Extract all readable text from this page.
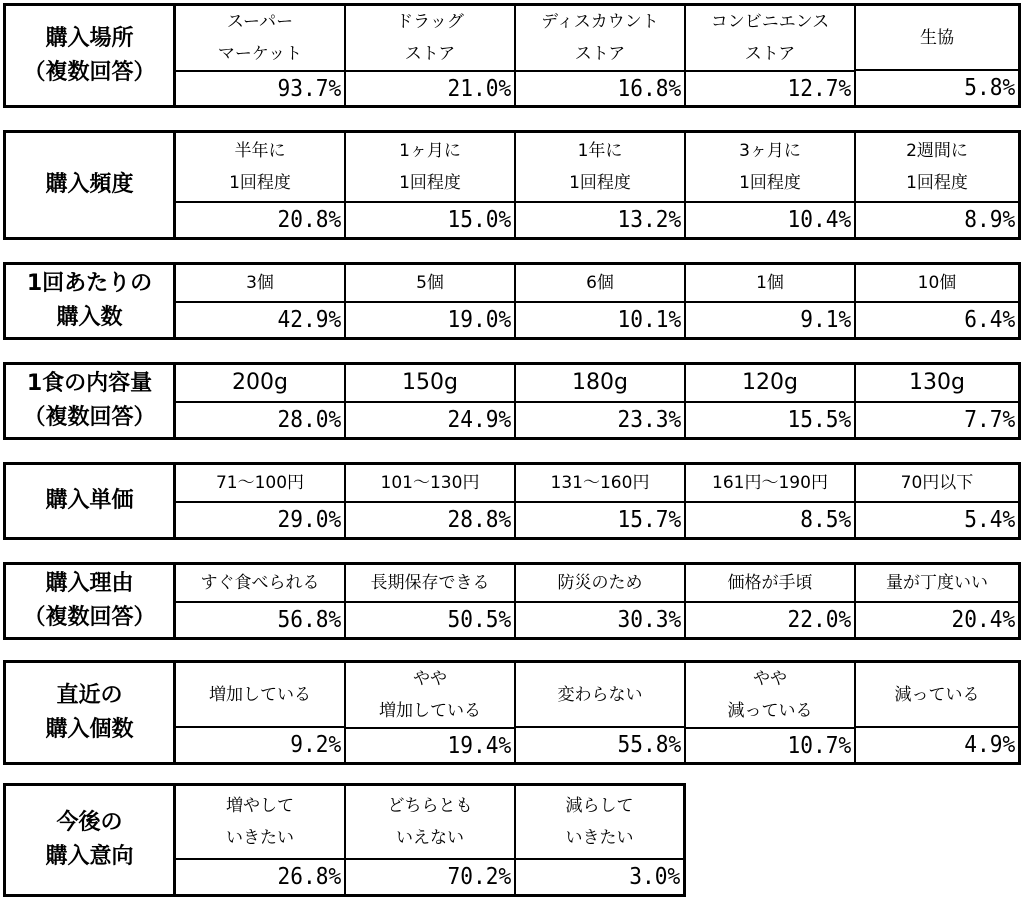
購入場所
（複数回答）
スーパー
マーケット
93.7%
ドラッグ
ストア
21.0%
ディスカウント
ストア
16.8%
コンビニエンス
ストア
12.7%
生協
5.8%
購入頻度
半年に
1回程度
20.8%
1ヶ月に
1回程度
15.0%
1年に
1回程度
13.2%
3ヶ月に
1回程度
10.4%
2週間に
1回程度
8.9%
1回あたりの
購入数
3個
42.9%
5個
19.0%
6個
10.1%
1個
9.1%
10個
6.4%
1食の内容量
（複数回答）
200g
28.0%
150g
24.9%
180g
23.3%
120g
15.5%
130g
7.7%
購入単価
71〜100円
29.0%
101〜130円
28.8%
131〜160円
15.7%
161円〜190円
8.5%
70円以下
5.4%
購入理由
（複数回答）
すぐ食べられる
56.8%
長期保存できる
50.5%
防災のため
30.3%
価格が手頃
22.0%
量が丁度いい
20.4%
直近の
購入個数
増加している
9.2%
やや
増加している
19.4%
変わらない
55.8%
やや
減っている
10.7%
減っている
4.9%
今後の
購入意向
増やして
いきたい
26.8%
どちらとも
いえない
70.2%
減らして
いきたい
3.0%
